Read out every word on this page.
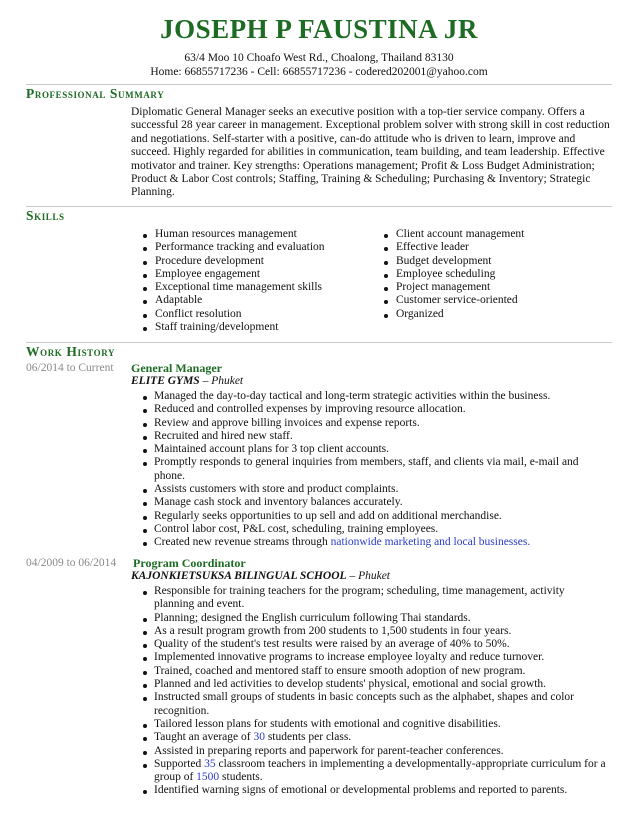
JOSEPH P FAUSTINA JR
63/4 Moo 10 Choafo West Rd., Choalong, Thailand 83130
Home: 66855717236 - Cell: 66855717236 - codered202001@yahoo.com
Professional Summary
Diplomatic General Manager seeks an executive position with a top-tier service company. Offers a successful 28 year career in management. Exceptional problem solver with strong skill in cost reduction and negotiations. Self-starter with a positive, can-do attitude who is driven to learn, improve and succeed. Highly regarded for abilities in communication, team building, and team leadership. Effective motivator and trainer. Key strengths: Operations management; Profit & Loss Budget Administration; Product & Labor Cost controls; Staffing, Training & Scheduling; Purchasing & Inventory; Strategic Planning.
Skills
Human resources management
Performance tracking and evaluation
Procedure development
Employee engagement
Exceptional time management skills
Adaptable
Conflict resolution
Staff training/development
Client account management
Effective leader
Budget development
Employee scheduling
Project management
Customer service-oriented
Organized
Work History
06/2014 to Current General Manager
ELITE GYMS – Phuket
Managed the day-to-day tactical and long-term strategic activities within the business.
Reduced and controlled expenses by improving resource allocation.
Review and approve billing invoices and expense reports.
Recruited and hired new staff.
Maintained account plans for 3 top client accounts.
Promptly responds to general inquiries from members, staff, and clients via mail, e-mail and phone.
Assists customers with store and product complaints.
Manage cash stock and inventory balances accurately.
Regularly seeks opportunities to up sell and add on additional merchandise.
Control labor cost, P&L cost, scheduling, training employees.
Created new revenue streams through nationwide marketing and local businesses.
04/2009 to 06/2014 Program Coordinator
KAJONKIETSUKSA BILINGUAL SCHOOL – Phuket
Responsible for training teachers for the program; scheduling, time management, activity planning and event.
Planning; designed the English curriculum following Thai standards.
As a result program growth from 200 students to 1,500 students in four years.
Quality of the student's test results were raised by an average of 40% to 50%.
Implemented innovative programs to increase employee loyalty and reduce turnover.
Trained, coached and mentored staff to ensure smooth adoption of new program.
Planned and led activities to develop students' physical, emotional and social growth.
Instructed small groups of students in basic concepts such as the alphabet, shapes and color recognition.
Tailored lesson plans for students with emotional and cognitive disabilities.
Taught an average of 30 students per class.
Assisted in preparing reports and paperwork for parent-teacher conferences.
Supported 35 classroom teachers in implementing a developmentally-appropriate curriculum for a group of 1500 students.
Identified warning signs of emotional or developmental problems and reported to parents.
